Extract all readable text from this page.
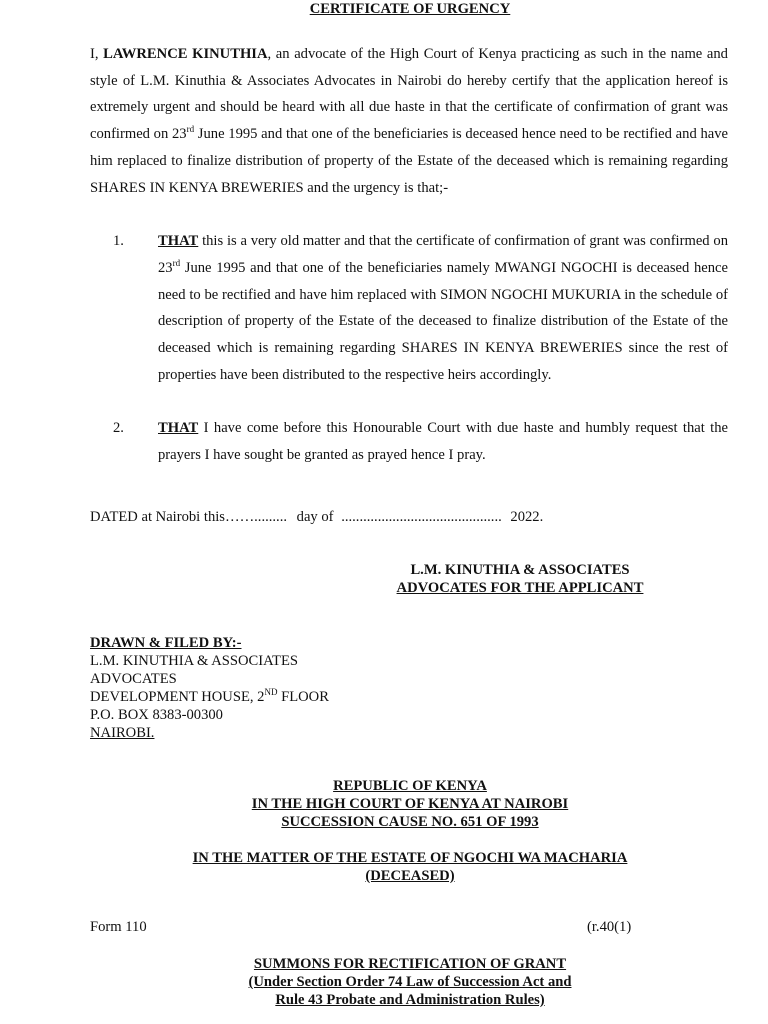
CERTIFICATE OF URGENCY

I, LAWRENCE KINUTHIA, an advocate of the High Court of Kenya practicing as such in the name and style of L.M. Kinuthia & Associates Advocates in Nairobi do hereby certify that the application hereof is extremely urgent and should be heard with all due haste in that the certificate of confirmation of grant was confirmed on 23rd June 1995 and that one of the beneficiaries is deceased hence need to be rectified and have him replaced to finalize distribution of property of the Estate of the deceased which is remaining regarding SHARES IN KENYA BREWERIES and the urgency is that;-

1. THAT this is a very old matter and that the certificate of confirmation of grant was confirmed on 23rd June 1995 and that one of the beneficiaries namely MWANGI NGOCHI is deceased hence need to be rectified and have him replaced with SIMON NGOCHI MUKURIA in the schedule of description of property of the Estate of the deceased to finalize distribution of the Estate of the deceased which is remaining regarding SHARES IN KENYA BREWERIES since the rest of properties have been distributed to the respective heirs accordingly.
2. THAT I have come before this Honourable Court with due haste and humbly request that the prayers I have sought be granted as prayed hence I pray.
DATED at Nairobi this……......... day of ............................................ 2022.
L.M. KINUTHIA & ASSOCIATES
ADVOCATES FOR THE APPLICANT
DRAWN & FILED BY:-
L.M. KINUTHIA & ASSOCIATES
ADVOCATES
DEVELOPMENT HOUSE, 2ND FLOOR
P.O. BOX 8383-00300
NAIROBI.
REPUBLIC OF KENYA
IN THE HIGH COURT OF KENYA AT NAIROBI
SUCCESSION CAUSE NO. 651 OF 1993
IN THE MATTER OF THE ESTATE OF NGOCHI WA MACHARIA
(DECEASED)
Form 110	(r.40(1)
SUMMONS FOR RECTIFICATION OF GRANT
(Under Section Order 74 Law of Succession Act and
Rule 43 Probate and Administration Rules)
